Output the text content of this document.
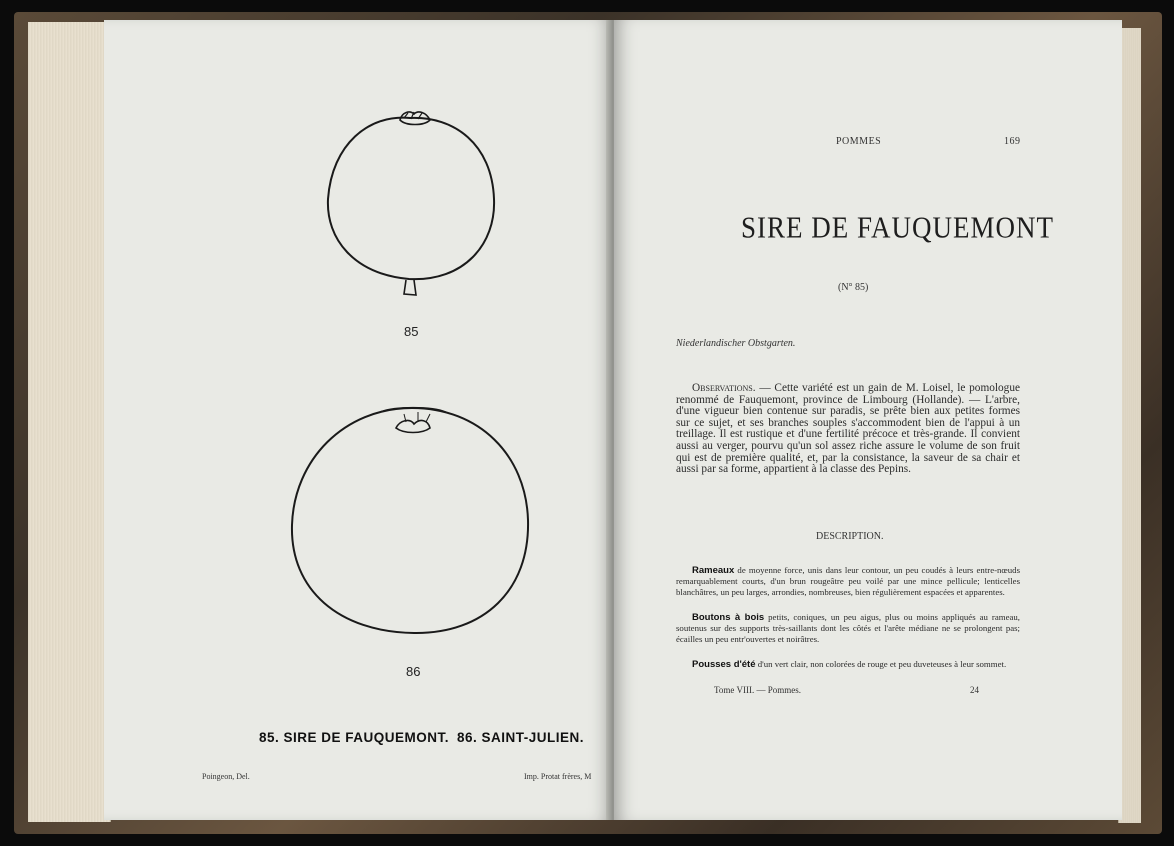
85
86
85. SIRE DE FAUQUEMONT. 86. SAINT-JULIEN.
Poingeon, Del.	Imp. Protat frères, M
POMMES	169
SIRE DE FAUQUEMONT
(N° 85)
Niederlandischer Obstgarten.
Observations. — Cette variété est un gain de M. Loisel, le pomologue renommé de Fauquemont, province de Limbourg (Hollande). — L'arbre, d'une vigueur bien contenue sur paradis, se prête bien aux petites formes sur ce sujet, et ses branches souples s'accommodent bien de l'appui à un treillage. Il est rustique et d'une fertilité précoce et très-grande. Il convient aussi au verger, pourvu qu'un sol assez riche assure le volume de son fruit qui est de première qualité, et, par la consistance, la saveur de sa chair et aussi par sa forme, appartient à la classe des Pepins.
DESCRIPTION.
Rameaux de moyenne force, unis dans leur contour, un peu coudés à leurs entre-nœuds remarquablement courts, d'un brun rougeâtre peu voilé par une mince pellicule; lenticelles blanchâtres, un peu larges, arrondies, nombreuses, bien régulièrement espacées et apparentes.
Boutons à bois petits, coniques, un peu aigus, plus ou moins appliqués au rameau, soutenus sur des supports très-saillants dont les côtés et l'arête médiane ne se prolongent pas; écailles un peu entr'ouvertes et noirâtres.
Pousses d'été d'un vert clair, non colorées de rouge et peu duveteuses à leur sommet.
Tome VIII. — Pommes.	24
